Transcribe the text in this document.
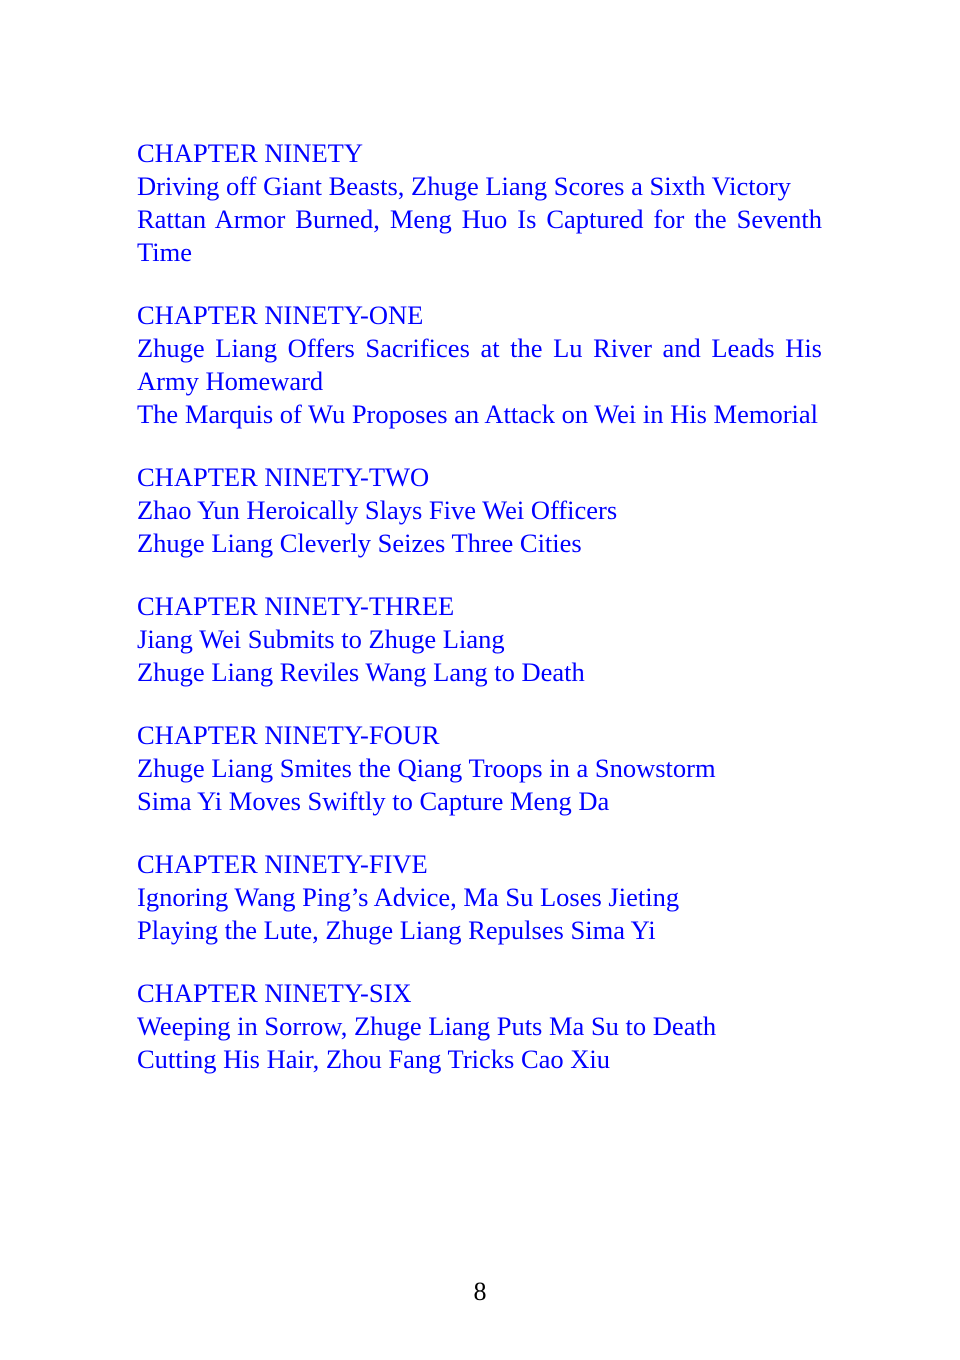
CHAPTER NINETY
Driving off Giant Beasts, Zhuge Liang Scores a Sixth Victory
Rattan Armor Burned, Meng Huo Is Captured for the Seventh Time
CHAPTER NINETY-ONE
Zhuge Liang Offers Sacrifices at the Lu River and Leads His Army Homeward
The Marquis of Wu Proposes an Attack on Wei in His Memorial
CHAPTER NINETY-TWO
Zhao Yun Heroically Slays Five Wei Officers
Zhuge Liang Cleverly Seizes Three Cities
CHAPTER NINETY-THREE
Jiang Wei Submits to Zhuge Liang
Zhuge Liang Reviles Wang Lang to Death
CHAPTER NINETY-FOUR
Zhuge Liang Smites the Qiang Troops in a Snowstorm
Sima Yi Moves Swiftly to Capture Meng Da
CHAPTER NINETY-FIVE
Ignoring Wang Ping’s Advice, Ma Su Loses Jieting
Playing the Lute, Zhuge Liang Repulses Sima Yi
CHAPTER NINETY-SIX
Weeping in Sorrow, Zhuge Liang Puts Ma Su to Death
Cutting His Hair, Zhou Fang Tricks Cao Xiu
8
